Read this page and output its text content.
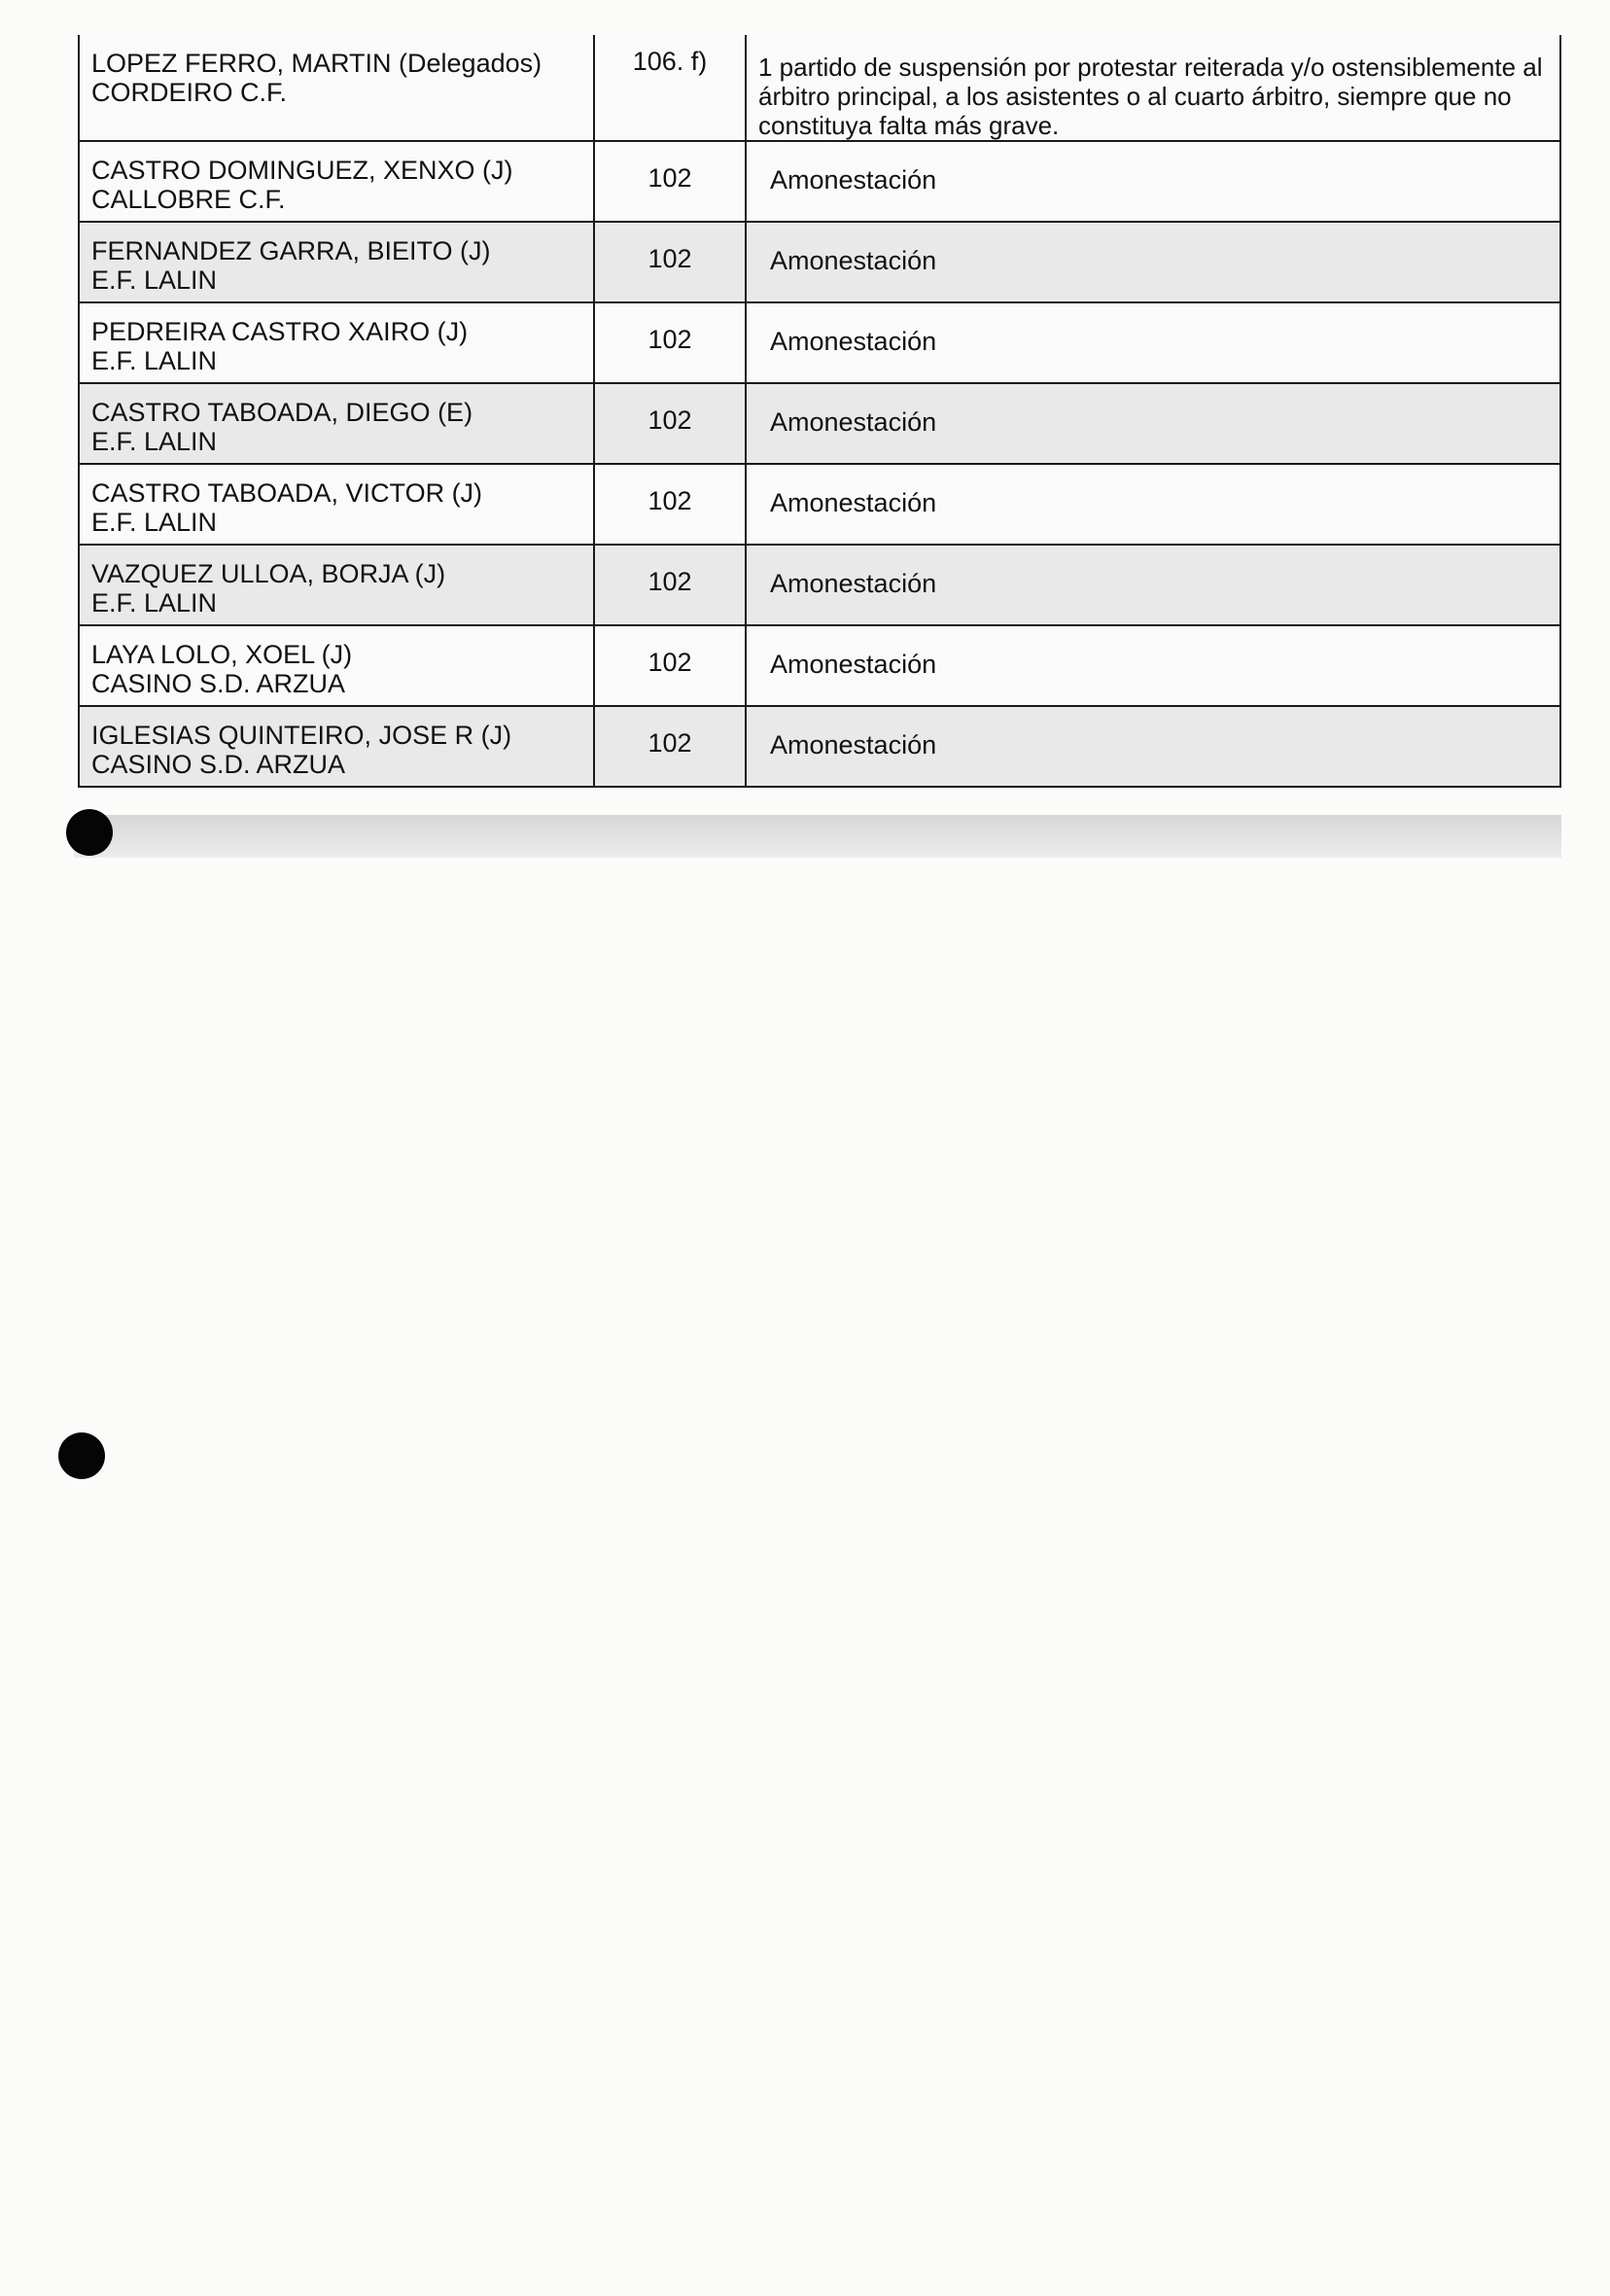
LOPEZ FERRO, MARTIN (Delegados)
CORDEIRO C.F.	106. f)	1 partido de suspensión por protestar reiterada y/o ostensiblemente al árbitro principal, a los asistentes o al cuarto árbitro, siempre que no constituya falta más grave.

CASTRO DOMINGUEZ, XENXO (J)
CALLOBRE C.F.	102	Amonestación

FERNANDEZ GARRA, BIEITO (J)
E.F. LALIN	102	Amonestación

PEDREIRA CASTRO XAIRO (J)
E.F. LALIN	102	Amonestación

CASTRO TABOADA, DIEGO (E)
E.F. LALIN	102	Amonestación

CASTRO TABOADA, VICTOR (J)
E.F. LALIN	102	Amonestación

VAZQUEZ ULLOA, BORJA (J)
E.F. LALIN	102	Amonestación

LAYA LOLO, XOEL (J)
CASINO S.D. ARZUA	102	Amonestación

IGLESIAS QUINTEIRO, JOSE R (J)
CASINO S.D. ARZUA	102	Amonestación
